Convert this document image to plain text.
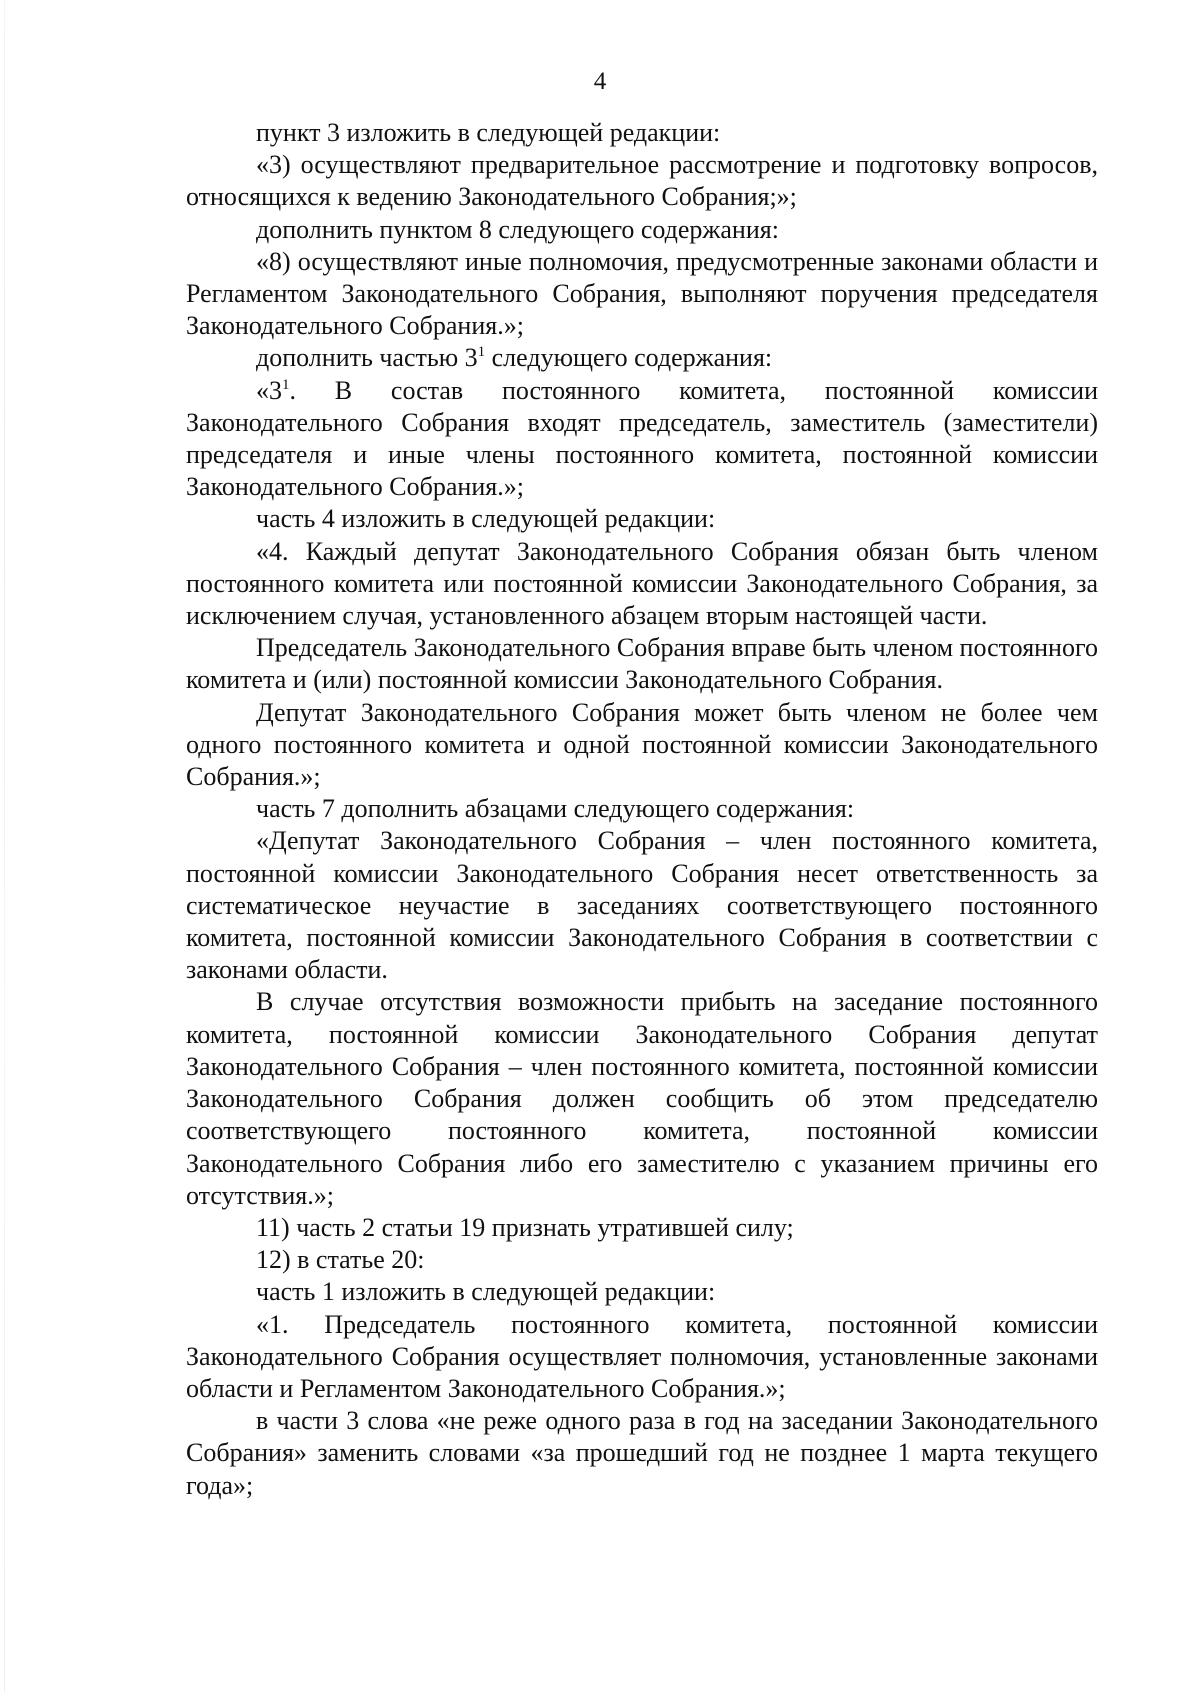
4

пункт 3 изложить в следующей редакции:

«3) осуществляют предварительное рассмотрение и подготовку вопросов, относящихся к ведению Законодательного Собрания;»;

дополнить пунктом 8 следующего содержания:

«8) осуществляют иные полномочия, предусмотренные законами области и Регламентом Законодательного Собрания, выполняют поручения председателя Законодательного Собрания.»;

дополнить частью $3^1$ следующего содержания:

«$3^1$. В состав постоянного комитета, постоянной комиссии Законодательного Собрания входят председатель, заместитель (заместители) председателя и иные члены постоянного комитета, постоянной комиссии Законодательного Собрания.»;

часть 4 изложить в следующей редакции:

«4. Каждый депутат Законодательного Собрания обязан быть членом постоянного комитета или постоянной комиссии Законодательного Собрания, за исключением случая, установленного абзацем вторым настоящей части.

Председатель Законодательного Собрания вправе быть членом постоянного комитета и (или) постоянной комиссии Законодательного Собрания.

Депутат Законодательного Собрания может быть членом не более чем одного постоянного комитета и одной постоянной комиссии Законодательного Собрания.»;

часть 7 дополнить абзацами следующего содержания:

«Депутат Законодательного Собрания – член постоянного комитета, постоянной комиссии Законодательного Собрания несет ответственность за систематическое неучастие в заседаниях соответствующего постоянного комитета, постоянной комиссии Законодательного Собрания в соответствии с законами области.

В случае отсутствия возможности прибыть на заседание постоянного комитета, постоянной комиссии Законодательного Собрания депутат Законодательного Собрания – член постоянного комитета, постоянной комиссии Законодательного Собрания должен сообщить об этом председателю соответствующего постоянного комитета, постоянной комиссии Законодательного Собрания либо его заместителю с указанием причины его отсутствия.»;

11) часть 2 статьи 19 признать утратившей силу;

12) в статье 20:

часть 1 изложить в следующей редакции:

«1. Председатель постоянного комитета, постоянной комиссии Законодательного Собрания осуществляет полномочия, установленные законами области и Регламентом Законодательного Собрания.»;

в части 3 слова «не реже одного раза в год на заседании Законодательного Собрания» заменить словами «за прошедший год не позднее 1 марта текущего года»;
